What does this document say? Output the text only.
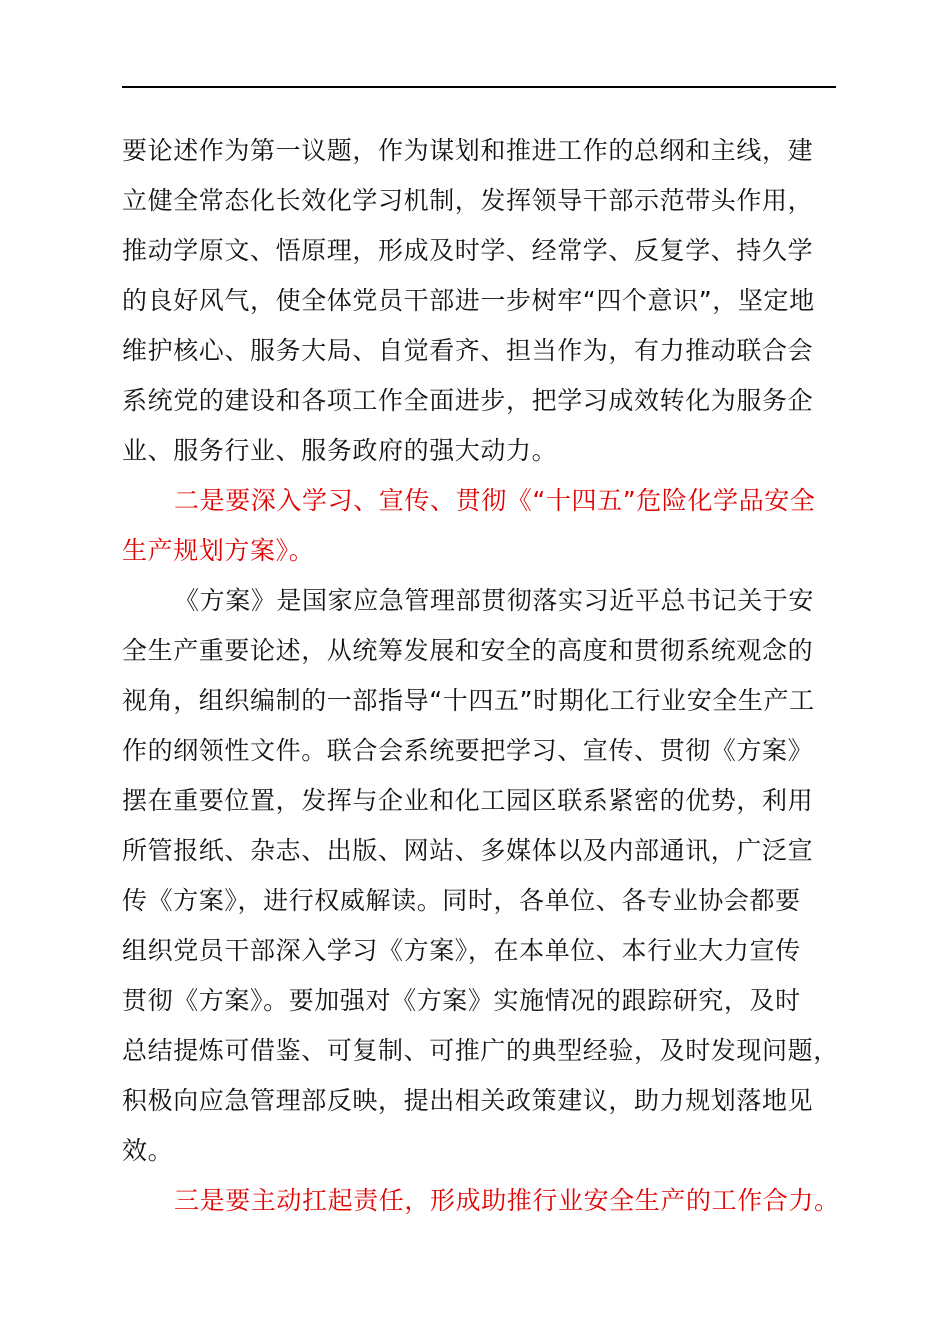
要论述作为第一议题，作为谋划和推进工作的总纲和主线，建
立健全常态化长效化学习机制，发挥领导干部示范带头作用，
推动学原文、悟原理，形成及时学、经常学、反复学、持久学
的良好风气，使全体党员干部进一步树牢“四个意识”，坚定地
维护核心、服务大局、自觉看齐、担当作为，有力推动联合会
系统党的建设和各项工作全面进步，把学习成效转化为服务企
业、服务行业、服务政府的强大动力。
二是要深入学习、宣传、贯彻《“十四五”危险化学品安全
生产规划方案》。
《方案》是国家应急管理部贯彻落实习近平总书记关于安
全生产重要论述，从统筹发展和安全的高度和贯彻系统观念的
视角，组织编制的一部指导“十四五”时期化工行业安全生产工
作的纲领性文件。联合会系统要把学习、宣传、贯彻《方案》
摆在重要位置，发挥与企业和化工园区联系紧密的优势，利用
所管报纸、杂志、出版、网站、多媒体以及内部通讯，广泛宣
传《方案》，进行权威解读。同时，各单位、各专业协会都要
组织党员干部深入学习《方案》，在本单位、本行业大力宣传
贯彻《方案》。要加强对《方案》实施情况的跟踪研究，及时
总结提炼可借鉴、可复制、可推广的典型经验，及时发现问题，
积极向应急管理部反映，提出相关政策建议，助力规划落地见
效。
三是要主动扛起责任，形成助推行业安全生产的工作合力。
